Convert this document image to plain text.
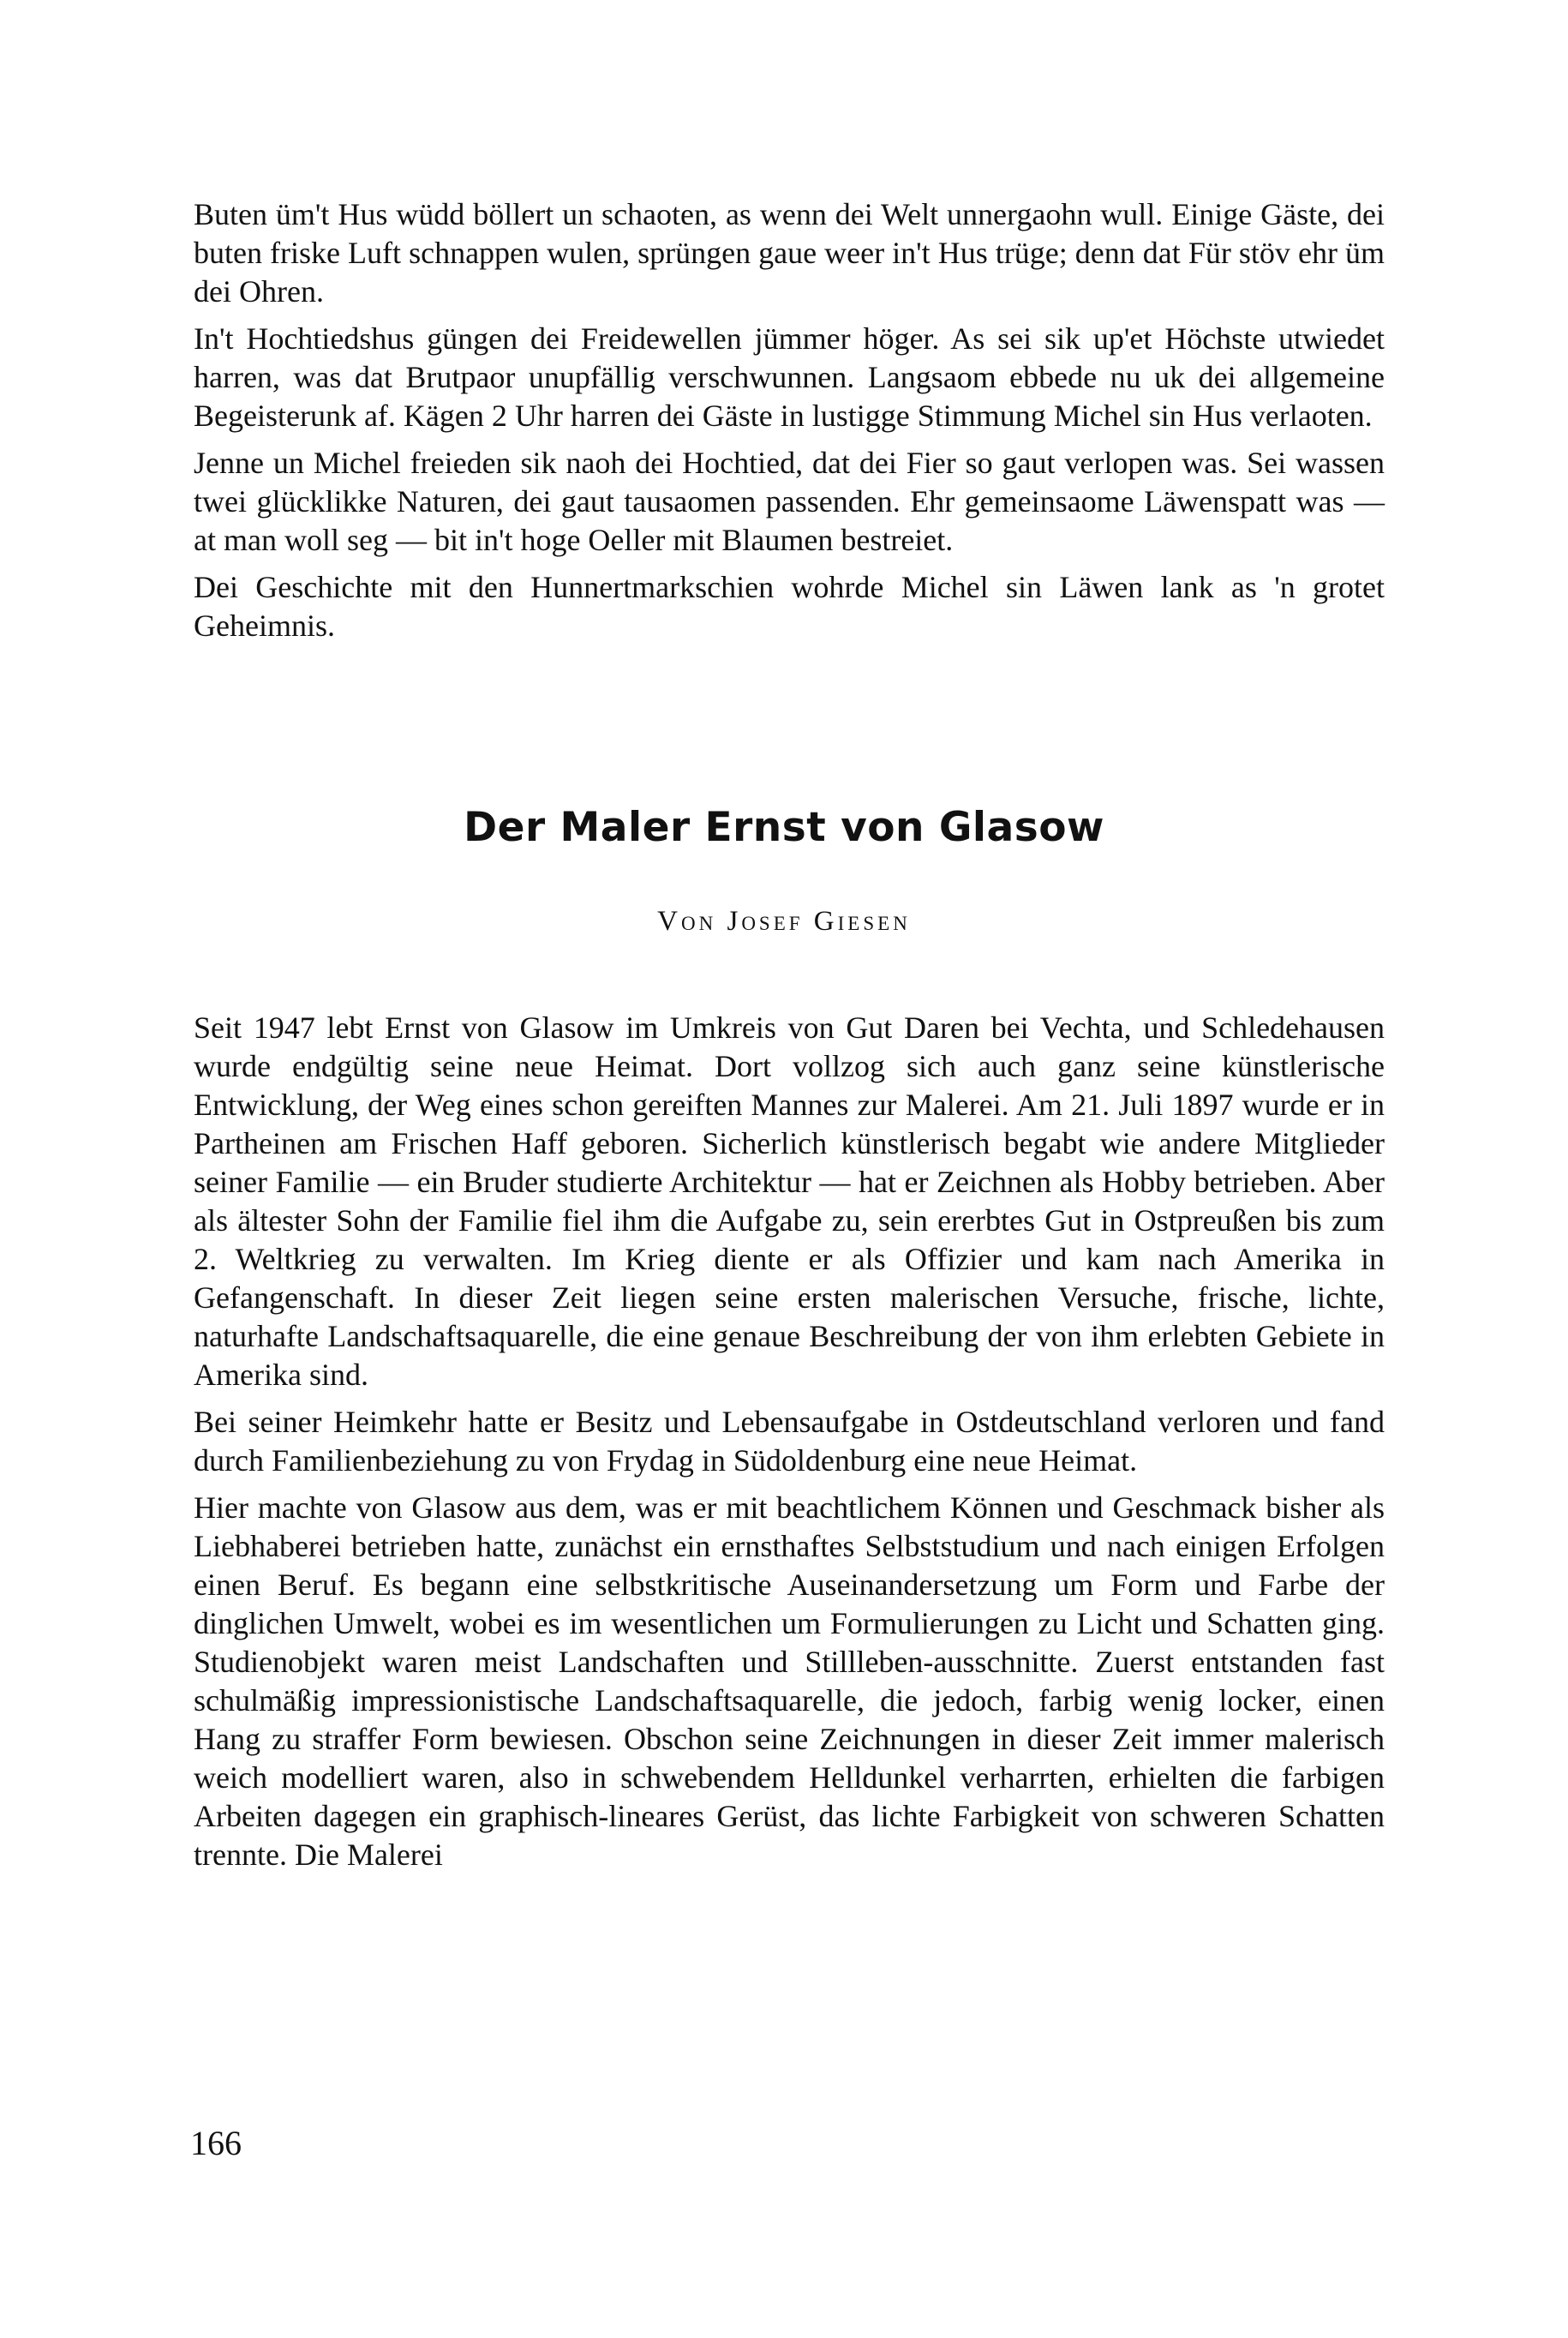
Buten üm't Hus wüdd böllert un schaoten, as wenn dei Welt unnergaohn wull. Einige Gäste, dei buten friske Luft schnappen wulen, sprüngen gaue weer in't Hus trüge; denn dat Für stöv ehr üm dei Ohren.

In't Hochtiedshus güngen dei Freidewellen jümmer höger. As sei sik up'et Höchste utwiedet harren, was dat Brutpaor unupfällig verschwunnen. Langsaom ebbede nu uk dei allgemeine Begeisterunk af. Kägen 2 Uhr harren dei Gäste in lustigge Stimmung Michel sin Hus verlaoten.

Jenne un Michel freieden sik naoh dei Hochtied, dat dei Fier so gaut verlopen was. Sei wassen twei glücklikke Naturen, dei gaut tausaomen passenden. Ehr gemeinsaome Läwenspatt was — at man woll seg — bit in't hoge Oeller mit Blaumen bestreiet.

Dei Geschichte mit den Hunnertmarkschien wohrde Michel sin Läwen lank as 'n grotet Geheimnis.

Der Maler Ernst von Glasow

Von Josef Giesen

Seit 1947 lebt Ernst von Glasow im Umkreis von Gut Daren bei Vechta, und Schledehausen wurde endgültig seine neue Heimat. Dort vollzog sich auch ganz seine künstlerische Entwicklung, der Weg eines schon gereiften Mannes zur Malerei. Am 21. Juli 1897 wurde er in Partheinen am Frischen Haff geboren. Sicherlich künstlerisch begabt wie andere Mitglieder seiner Familie — ein Bruder studierte Architektur — hat er Zeichnen als Hobby betrieben. Aber als ältester Sohn der Familie fiel ihm die Aufgabe zu, sein ererbtes Gut in Ostpreußen bis zum 2. Weltkrieg zu verwalten. Im Krieg diente er als Offizier und kam nach Amerika in Gefangenschaft. In dieser Zeit liegen seine ersten malerischen Versuche, frische, lichte, naturhafte Landschaftsaquarelle, die eine genaue Beschreibung der von ihm erlebten Gebiete in Amerika sind.

Bei seiner Heimkehr hatte er Besitz und Lebensaufgabe in Ostdeutschland verloren und fand durch Familienbeziehung zu von Frydag in Südoldenburg eine neue Heimat.

Hier machte von Glasow aus dem, was er mit beachtlichem Können und Geschmack bisher als Liebhaberei betrieben hatte, zunächst ein ernsthaftes Selbststudium und nach einigen Erfolgen einen Beruf. Es begann eine selbstkritische Auseinandersetzung um Form und Farbe der dinglichen Umwelt, wobei es im wesentlichen um Formulierungen zu Licht und Schatten ging. Studienobjekt waren meist Landschaften und Stillleben-ausschnitte. Zuerst entstanden fast schulmäßig impressionistische Landschaftsaquarelle, die jedoch, farbig wenig locker, einen Hang zu straffer Form bewiesen. Obschon seine Zeichnungen in dieser Zeit immer malerisch weich modelliert waren, also in schwebendem Helldunkel verharrten, erhielten die farbigen Arbeiten dagegen ein graphisch-lineares Gerüst, das lichte Farbigkeit von schweren Schatten trennte. Die Malerei

166
